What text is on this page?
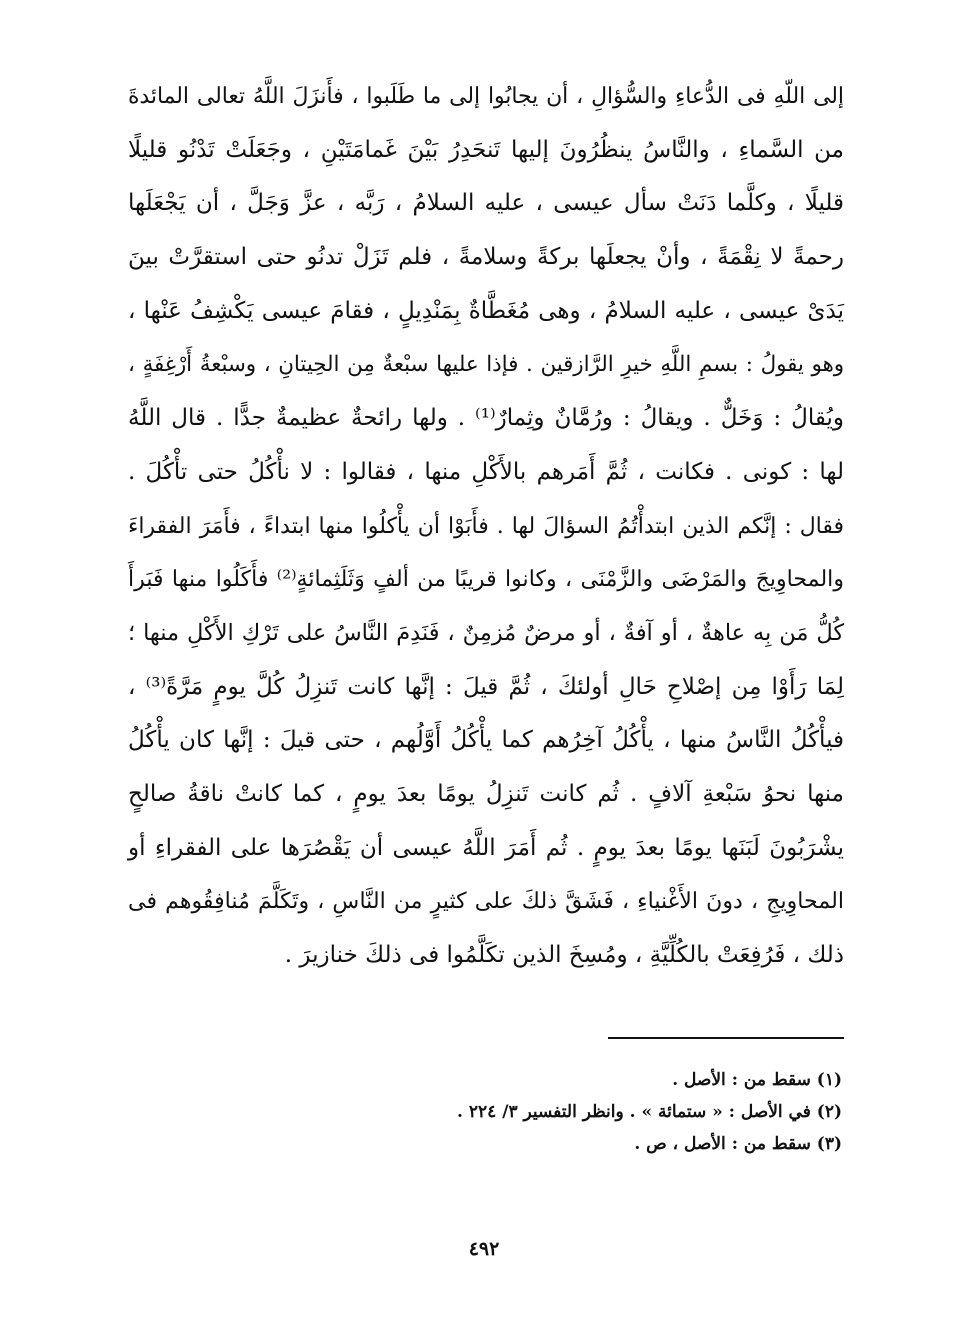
إلى اللّهِ فى الدُّعاءِ والسُّؤالِ ، أن يجابُوا إلى ما طَلَبوا ، فأَنزَلَ اللَّهُ تعالى المائدةَ
من السَّماءِ ، والنَّاسُ ينظُرُونَ إليها تَنحَدِرُ بَيْنَ غَمامَتَيْنِ ، وجَعَلَتْ تَدْنُو قليلًا
قليلًا ، وكلَّما دَنَتْ سأل عيسى ، عليه السلامُ ، رَبَّه ، عزَّ وَجَلَّ ، أن يَجْعَلَها
رحمةً لا نِقْمَةً ، وأنْ يجعلَها بركةً وسلامةً ، فلم تَزَلْ تدنُو حتى استقرَّتْ بينَ
يَدَىْ عيسى ، عليه السلامُ ، وهى مُغَطَّاةٌ بِمَنْدِيلٍ ، فقامَ عيسى يَكْشِفُ عَنْها ،
وهو يقولُ : بسمِ اللَّهِ خيرِ الرَّازقين . فإذا عليها سبْعةٌ مِن الحِيتانِ ، وسبْعةُ أَرْغِفَةٍ ،
ويُقالُ : وَخَلٌّ . ويقالُ : ورُمَّانٌ وثِمارٌ⁽¹⁾ . ولها رائحةٌ عظيمةٌ جدًّا . قال اللَّهُ
لها : كونى . فكانت ، ثُمَّ أَمَرهم بالأَكْلِ منها ، فقالوا : لا نأْكُلُ حتى تأْكُلَ .
فقال : إنَّكم الذين ابتدأْتُمُ السؤالَ لها . فأَبَوْا أن يأْكلُوا منها ابتداءً ، فأَمَرَ الفقراءَ
والمحاوِيجَ والمَرْضَى والزَّمْنَى ، وكانوا قريبًا من ألفٍ وَثَلَثِمائةٍ⁽²⁾ فأَكَلُوا منها فَبَرأَ
كُلُّ مَن بِه عاهةٌ ، أو آفةٌ ، أو مرضٌ مُزمِنٌ ، فَنَدِمَ النَّاسُ على تَرْكِ الأَكْلِ منها ؛
لِمَا رَأَوْا مِن إصْلاحِ حَالِ أولئكَ ، ثُمَّ قيلَ : إنَّها كانت تَنزِلُ كُلَّ يومٍ مَرَّةً⁽³⁾ ،
فيأْكُلُ النَّاسُ منها ، يأْكُلُ آخِرُهم كما يأْكُلُ أَوَّلُهم ، حتى قيلَ : إنَّها كان يأْكُلُ
منها نحوُ سَبْعةِ آلافٍ . ثُم كانت تَنزِلُ يومًا بعدَ يومٍ ، كما كانتْ ناقةُ صالحٍ
يشْرَبُونَ لَبَنَها يومًا بعدَ يومٍ . ثُم أَمَرَ اللَّهُ عيسى أن يَقْصُرَها على الفقراءِ أو
المحاوِيجِ ، دونَ الأَغْنياءِ ، فَشَقَّ ذلكَ على كثيرٍ من النَّاسِ ، وتَكَلَّمَ مُنافِقُوهم فى
ذلك ، فَرُفِعَتْ بالكُلِّيَّةِ ، ومُسِخَ الذين تكَلَّمُوا فى ذلكَ خنازيرَ .
(١) سقط من : الأصل .
(٢) في الأصل : « ستمائة » . وانظر التفسير ٣/ ٢٢٤ .
(٣) سقط من : الأصل ، ص .
٤٩٢
